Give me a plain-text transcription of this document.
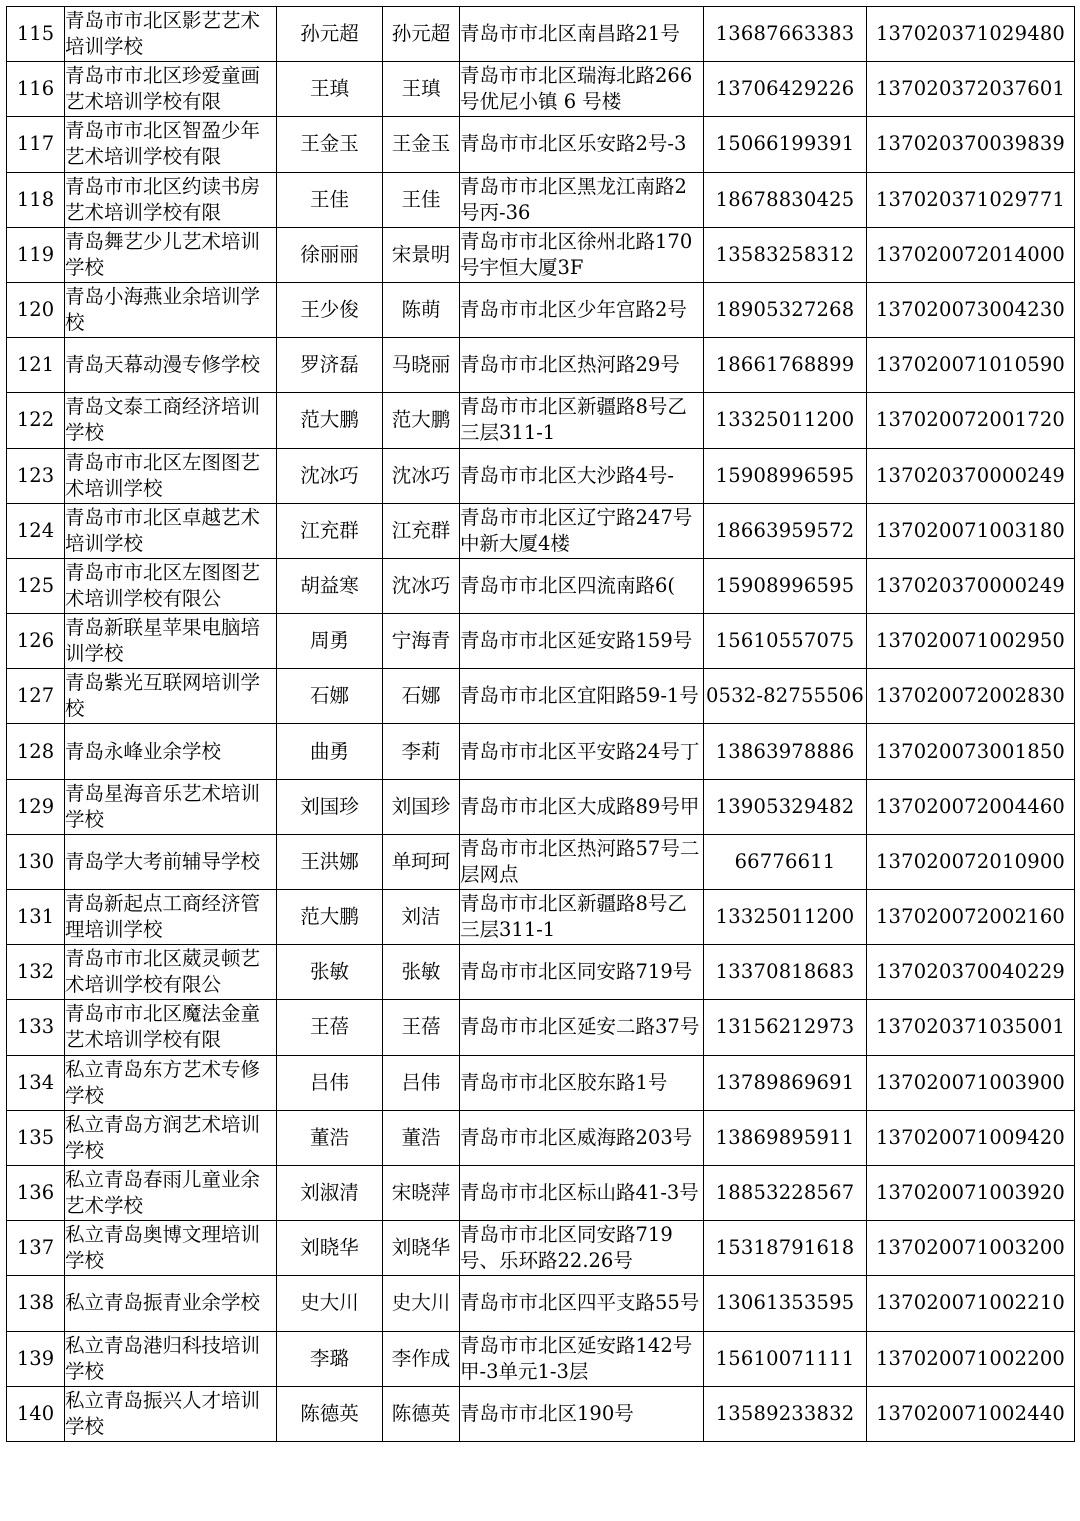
115	青岛市市北区影艺艺术培训学校	孙元超	孙元超	青岛市市北区南昌路21号	13687663383	137020371029480
116	青岛市市北区珍爱童画艺术培训学校有限	王瑱	王瑱	青岛市市北区瑞海北路266 号优尼小镇 6 号楼	13706429226	137020372037601
117	青岛市市北区智盈少年艺术培训学校有限	王金玉	王金玉	青岛市市北区乐安路2号-3	15066199391	137020370039839
118	青岛市市北区约读书房艺术培训学校有限	王佳	王佳	青岛市市北区黑龙江南路2号丙-36	18678830425	137020371029771
119	青岛舞艺少儿艺术培训学校	徐丽丽	宋景明	青岛市市北区徐州北路170号宇恒大厦3F	13583258312	137020072014000
120	青岛小海燕业余培训学校	王少俊	陈萌	青岛市市北区少年宫路2号	18905327268	137020073004230
121	青岛天幕动漫专修学校	罗济磊	马晓丽	青岛市市北区热河路29号	18661768899	137020071010590
122	青岛文泰工商经济培训学校	范大鹏	范大鹏	青岛市市北区新疆路8号乙三层311-1	13325011200	137020072001720
123	青岛市市北区左图图艺术培训学校	沈冰巧	沈冰巧	青岛市市北区大沙路4号-	15908996595	137020370000249
124	青岛市市北区卓越艺术培训学校	江充群	江充群	青岛市市北区辽宁路247号中新大厦4楼	18663959572	137020071003180
125	青岛市市北区左图图艺术培训学校有限公	胡益寒	沈冰巧	青岛市市北区四流南路6(	15908996595	137020370000249
126	青岛新联星苹果电脑培训学校	周勇	宁海青	青岛市市北区延安路159号	15610557075	137020071002950
127	青岛紫光互联网培训学校	石娜	石娜	青岛市市北区宜阳路59-1号	0532-82755506	137020072002830
128	青岛永峰业余学校	曲勇	李莉	青岛市市北区平安路24号丁	13863978886	137020073001850
129	青岛星海音乐艺术培训学校	刘国珍	刘国珍	青岛市市北区大成路89号甲	13905329482	137020072004460
130	青岛学大考前辅导学校	王洪娜	单珂珂	青岛市市北区热河路57号二层网点	66776611	137020072010900
131	青岛新起点工商经济管理培训学校	范大鹏	刘洁	青岛市市北区新疆路8号乙三层311-1	13325011200	137020072002160
132	青岛市市北区葳灵顿艺术培训学校有限公	张敏	张敏	青岛市市北区同安路719号	13370818683	137020370040229
133	青岛市市北区魔法金童艺术培训学校有限	王蓓	王蓓	青岛市市北区延安二路37号	13156212973	137020371035001
134	私立青岛东方艺术专修学校	吕伟	吕伟	青岛市市北区胶东路1号	13789869691	137020071003900
135	私立青岛方润艺术培训学校	董浩	董浩	青岛市市北区威海路203号	13869895911	137020071009420
136	私立青岛春雨儿童业余艺术学校	刘淑清	宋晓萍	青岛市市北区标山路41-3号	18853228567	137020071003920
137	私立青岛奥博文理培训学校	刘晓华	刘晓华	青岛市市北区同安路719号、乐环路22.26号	15318791618	137020071003200
138	私立青岛振青业余学校	史大川	史大川	青岛市市北区四平支路55号	13061353595	137020071002210
139	私立青岛港归科技培训学校	李璐	李作成	青岛市市北区延安路142号甲-3单元1-3层	15610071111	137020071002200
140	私立青岛振兴人才培训学校	陈德英	陈德英	青岛市市北区190号	13589233832	137020071002440
